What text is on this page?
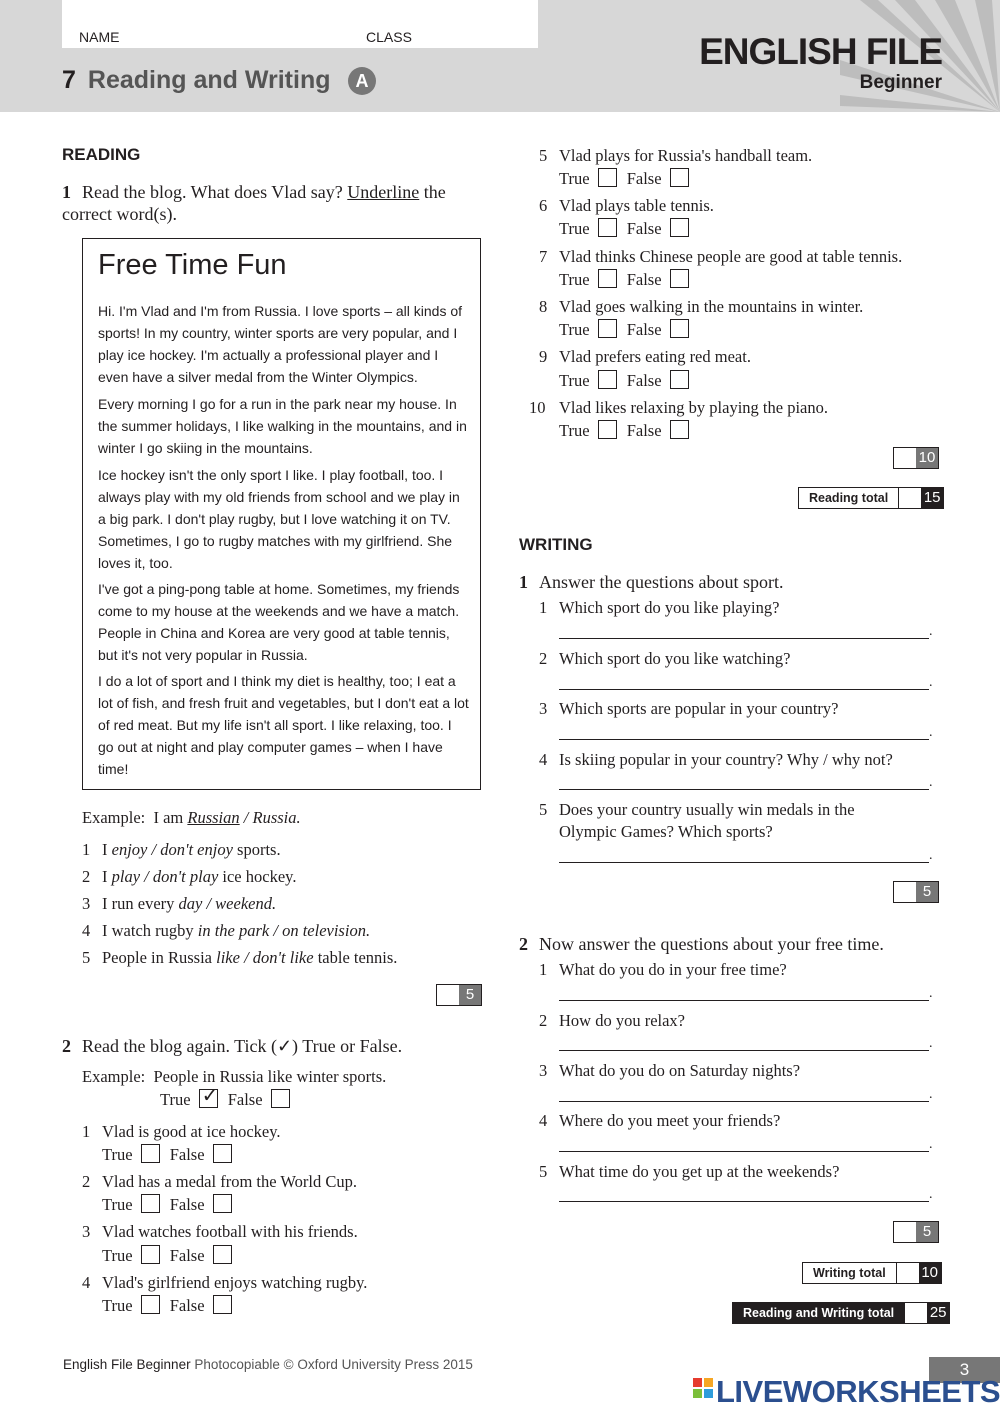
NAME	CLASS
7 Reading and Writing	A
ENGLISH FILE
Beginner
READING
1 Read the blog. What does Vlad say? Underline the correct word(s).
Free Time Fun

Hi. I'm Vlad and I'm from Russia. I love sports – all kinds of sports! In my country, winter sports are very popular, and I play ice hockey. I'm actually a professional player and I even have a silver medal from the Winter Olympics.

Every morning I go for a run in the park near my house. In the summer holidays, I like walking in the mountains, and in winter I go skiing in the mountains.

Ice hockey isn't the only sport I like. I play football, too. I always play with my old friends from school and we play in a big park. I don't play rugby, but I love watching it on TV. Sometimes, I go to rugby matches with my girlfriend. She loves it, too.

I've got a ping-pong table at home. Sometimes, my friends come to my house at the weekends and we have a match. People in China and Korea are very good at table tennis, but it's not very popular in Russia.

I do a lot of sport and I think my diet is healthy, too; I eat a lot of fish, and fresh fruit and vegetables, but I don't eat a lot of red meat. But my life isn't all sport. I like relaxing, too. I go out at night and play computer games – when I have time!

Example: I am Russian / Russia.
1 I enjoy / don't enjoy sports.
2 I play / don't play ice hockey.
3 I run every day / weekend.
4 I watch rugby in the park / on television.
5 People in Russia like / don't like table tennis.
5
2 Read the blog again. Tick (✓) True or False.
Example: People in Russia like winter sports.
True ✓ False
1 Vlad is good at ice hockey.
True False
2 Vlad has a medal from the World Cup.
True False
3 Vlad watches football with his friends.
True False
4 Vlad's girlfriend enjoys watching rugby.
True False
5 Vlad plays for Russia's handball team.
True False
6 Vlad plays table tennis.
True False
7 Vlad thinks Chinese people are good at table tennis.
True False
8 Vlad goes walking in the mountains in winter.
True False
9 Vlad prefers eating red meat.
True False
10 Vlad likes relaxing by playing the piano.
True False
10
Reading total	15
WRITING
1 Answer the questions about sport.
1 Which sport do you like playing?
.
2 Which sport do you like watching?
.
3 Which sports are popular in your country?
.
4 Is skiing popular in your country? Why / why not?
.
5 Does your country usually win medals in the
Olympic Games? Which sports?
.
5
2 Now answer the questions about your free time.
1 What do you do in your free time?
.
2 How do you relax?
.
3 What do you do on Saturday nights?
.
4 Where do you meet your friends?
.
5 What time do you get up at the weekends?
.
5
Writing total	10
Reading and Writing total	25
English File Beginner Photocopiable © Oxford University Press 2015	3
LIVEWORKSHEETS
